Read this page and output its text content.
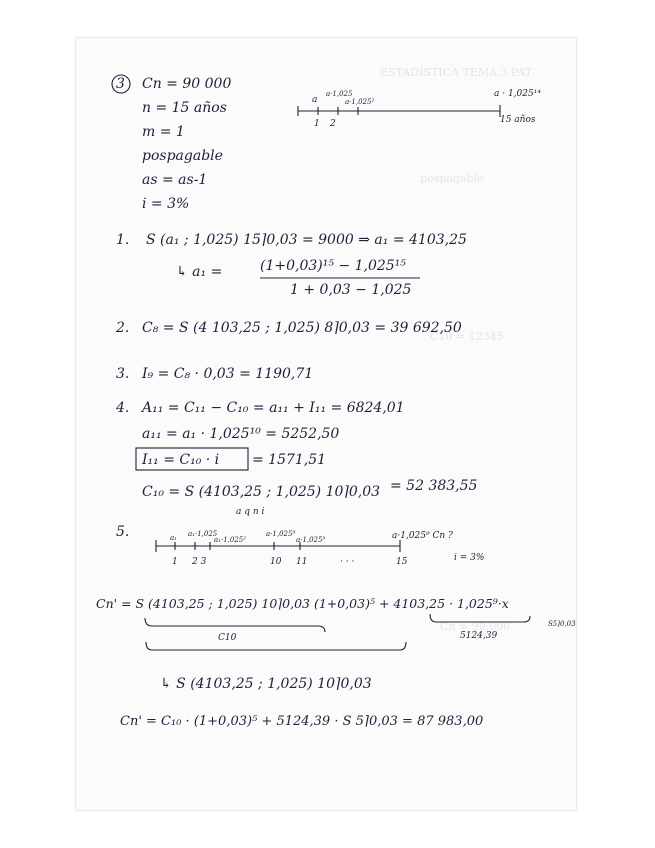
ESTADÍSTICA TEMA 3 PAT
pospagable
C10 = 12345
Cn = 90 000
3 Cn = 90 000
n = 15 años
m = 1
pospagable
as = as-1
i = 3%
a
a·1,025
a·1,025²
a · 1,025¹⁴
1 2	15 años
1. S (a₁ ; 1,025) 15⌉0,03 = 9000 ⇒ a₁ = 4103,25
↳ a₁ =	(1+0,03)¹⁵ − 1,025¹⁵
1 + 0,03 − 1,025
2. C₈ = S (4 103,25 ; 1,025) 8⌉0,03 = 39 692,50
3. I₉ = C₈ · 0,03 = 1190,71
4. A₁₁ = C₁₁ − C₁₀ = a₁₁ + I₁₁ = 6824,01
a₁₁ = a₁ · 1,025¹⁰ = 5252,50
I₁₁ = C₁₀ · i = 1571,51
C₁₀ = S (4103,25 ; 1,025) 10⌉0,03 = 52 383,55
a q n i
5.	a₁ a₁·1,025
a₁·1,025²
a·1,025⁹
a·1,025⁹	a·1,025⁹ Cn ?
1 2 3	10 11	· · ·	15	i = 3%
Cn' = S (4103,25 ; 1,025) 10⌉0,03 (1+0,03)⁵ + 4103,25 · 1,025⁹·x
C10	5124,39
S5⌉0,03
↳ S (4103,25 ; 1,025) 10⌉0,03
Cn' = C₁₀ · (1+0,03)⁵ + 5124,39 · S 5⌉0,03 = 87 983,00
